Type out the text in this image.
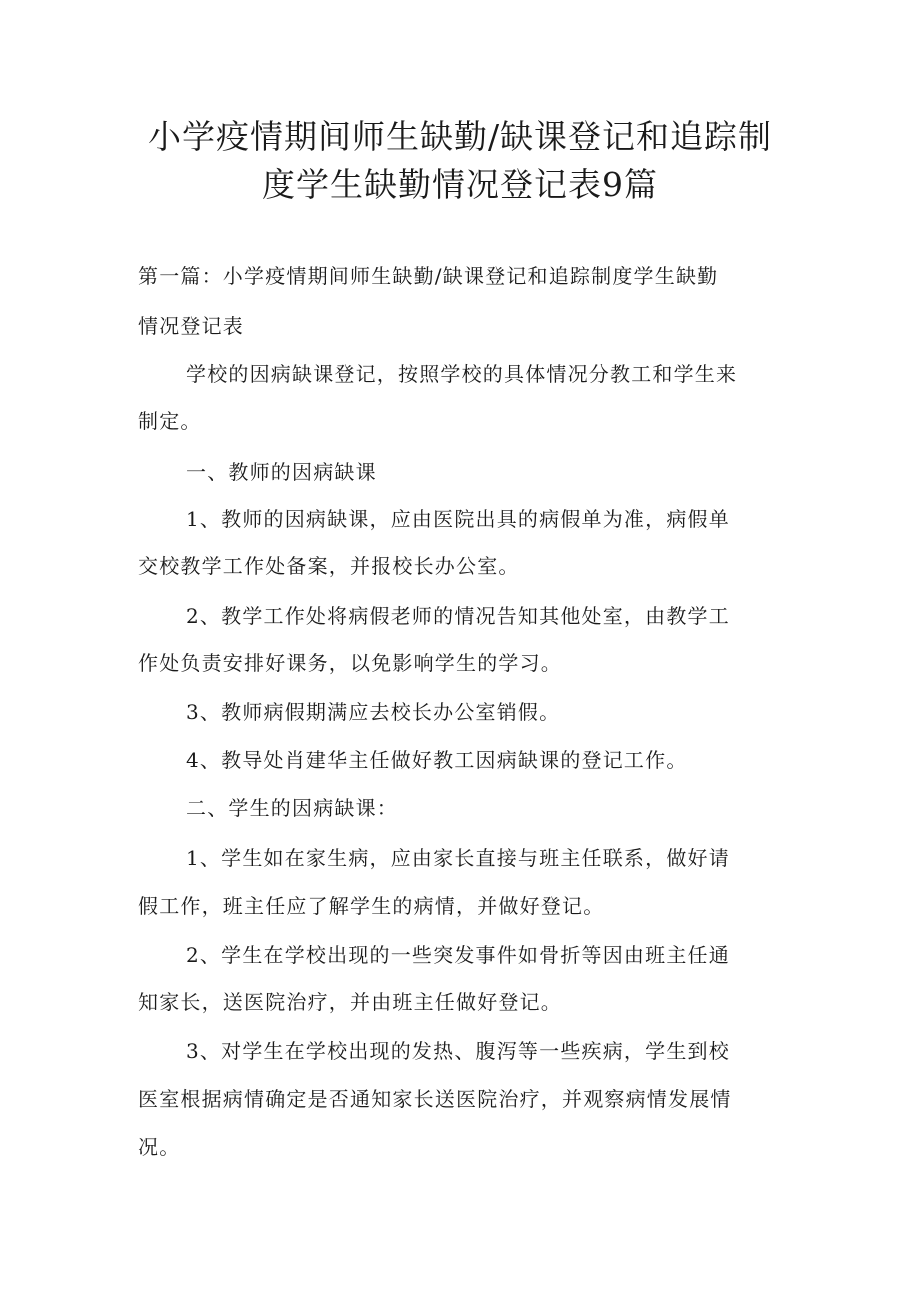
小学疫情期间师生缺勤/缺课登记和追踪制
度学生缺勤情况登记表9篇

第一篇：小学疫情期间师生缺勤/缺课登记和追踪制度学生缺勤

情况登记表

学校的因病缺课登记，按照学校的具体情况分教工和学生来

制定。

一、教师的因病缺课

1、教师的因病缺课，应由医院出具的病假单为准，病假单

交校教学工作处备案，并报校长办公室。

2、教学工作处将病假老师的情况告知其他处室，由教学工

作处负责安排好课务，以免影响学生的学习。

3、教师病假期满应去校长办公室销假。

4、教导处肖建华主任做好教工因病缺课的登记工作。

二、学生的因病缺课：

1、学生如在家生病，应由家长直接与班主任联系，做好请

假工作，班主任应了解学生的病情，并做好登记。

2、学生在学校出现的一些突发事件如骨折等因由班主任通

知家长，送医院治疗，并由班主任做好登记。

3、对学生在学校出现的发热、腹泻等一些疾病，学生到校

医室根据病情确定是否通知家长送医院治疗，并观察病情发展情

况。
